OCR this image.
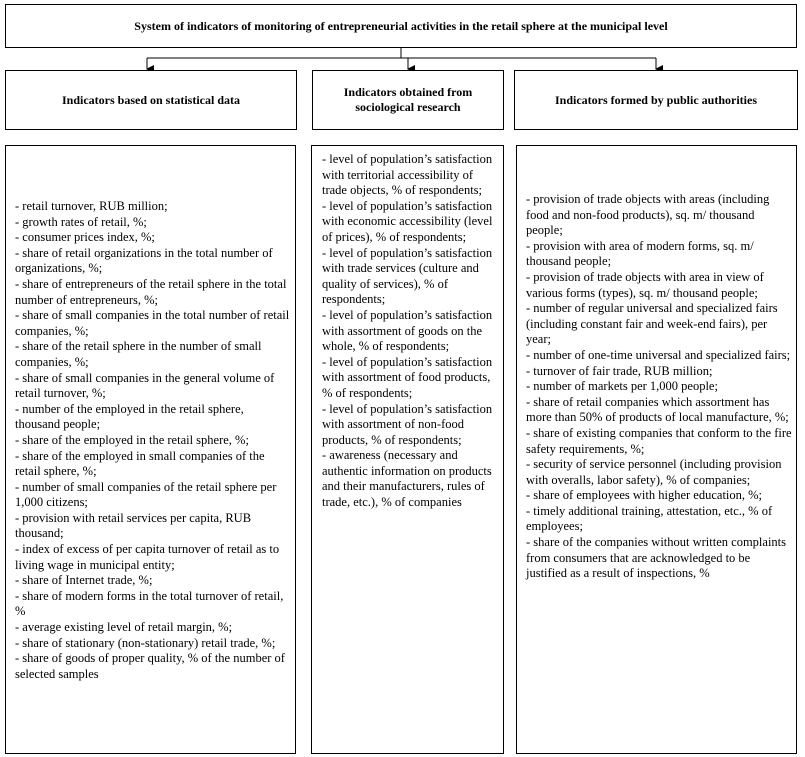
System of indicators of monitoring of entrepreneurial activities in the retail sphere at the municipal level
Indicators based on statistical data
Indicators obtained from sociological research
Indicators formed by public authorities

- retail turnover, RUB million;

- growth rates of retail, %;

- consumer prices index, %;

- share of retail organizations in the total number of organizations, %;

- share of entrepreneurs of the retail sphere in the total number of entrepreneurs, %;

- share of small companies in the total number of retail companies, %;

- share of the retail sphere in the number of small companies, %;

- share of small companies in the general volume of retail turnover, %;

- number of the employed in the retail sphere, thousand people;

- share of the employed in the retail sphere, %;

- share of the employed in small companies of the retail sphere, %;

- number of small companies of the retail sphere per 1,000 citizens;

- provision with retail services per capita, RUB thousand;

- index of excess of per capita turnover of retail as to living wage in municipal entity;

- share of Internet trade, %;

- share of modern forms in the total turnover of retail, %

- average existing level of retail margin, %;

- share of stationary (non-stationary) retail trade, %;

- share of goods of proper quality, % of the number of selected samples

- level of population’s satisfaction with territorial accessibility of trade objects, % of respondents;

- level of population’s satisfaction with economic accessibility (level of prices), % of respondents;

- level of population’s satisfaction with trade services (culture and quality of services), % of respondents;

- level of population’s satisfaction with assortment of goods on the whole, % of respondents;

- level of population’s satisfaction with assortment of food products, % of respondents;

- level of population’s satisfaction with assortment of non-food products, % of respondents;

- awareness (necessary and authentic information on products and their manufacturers, rules of trade, etc.), % of companies

- provision of trade objects with areas (including food and non-food products), sq. m/ thousand people;

- provision with area of modern forms, sq. m/ thousand people;

- provision of trade objects with area in view of various forms (types), sq. m/ thousand people;

- number of regular universal and specialized fairs (including constant fair and week-end fairs), per year;

- number of one-time universal and specialized fairs;

- turnover of fair trade, RUB million;

- number of markets per 1,000 people;

- share of retail companies which assortment has more than 50% of products of local manufacture, %;

- share of existing companies that conform to the fire safety requirements, %;

- security of service personnel (including provision with overalls, labor safety), % of companies;

- share of employees with higher education, %;

- timely additional training, attestation, etc., % of employees;

- share of the companies without written complaints from consumers that are acknowledged to be justified as a result of inspections, %
